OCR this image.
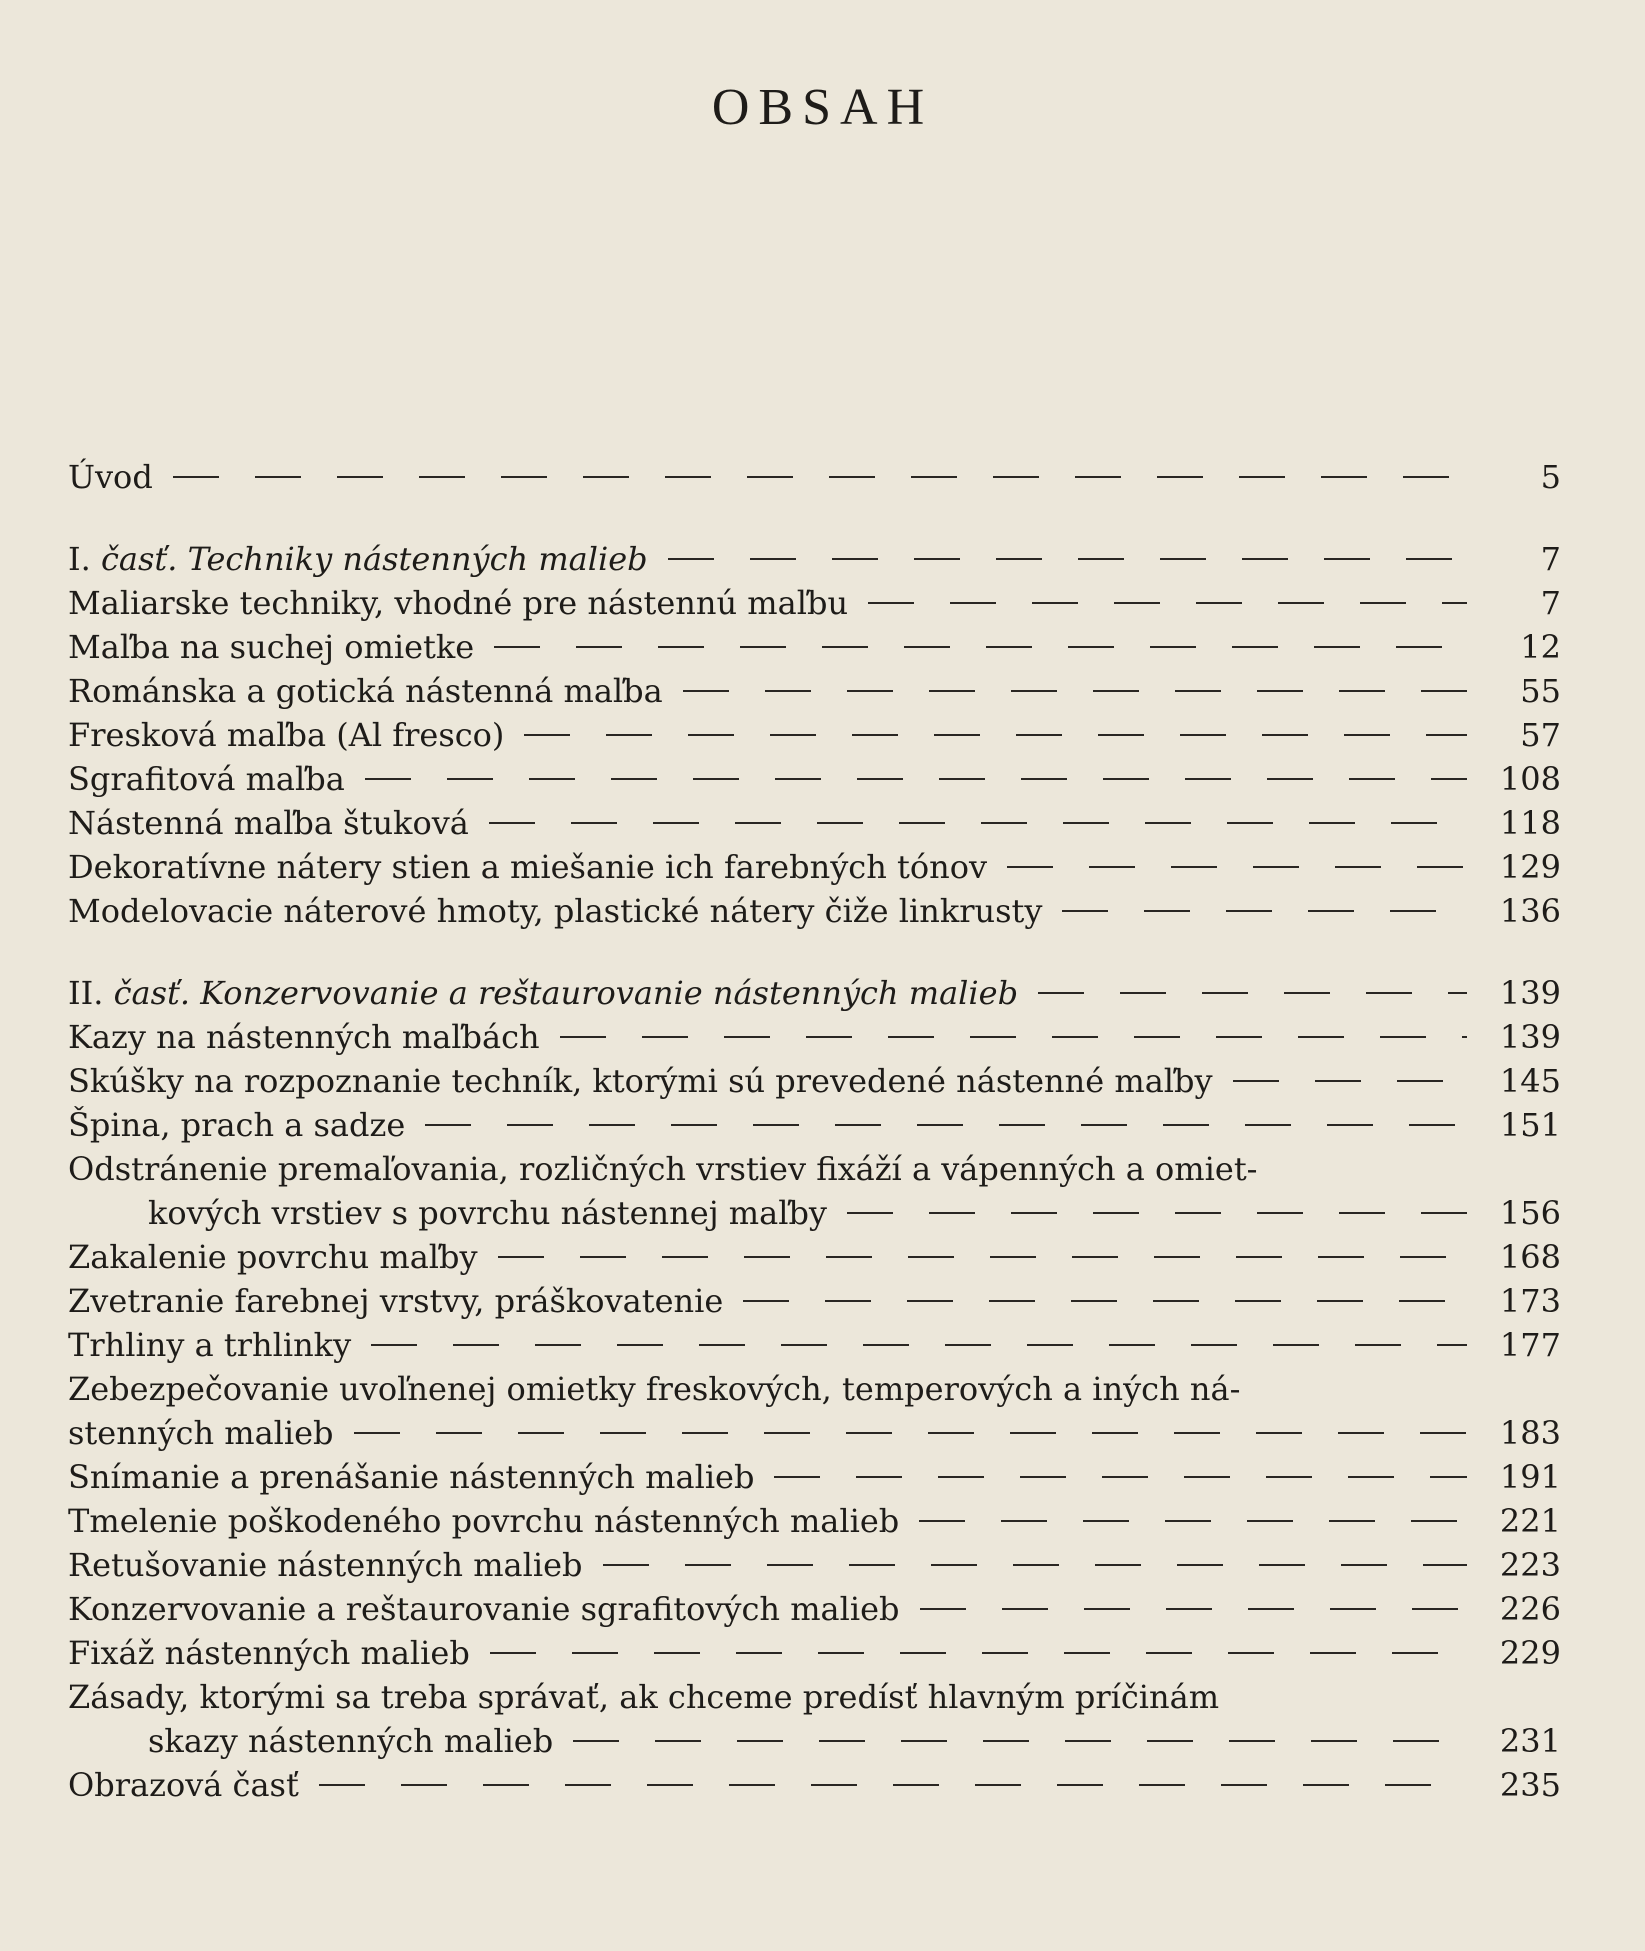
OBSAH
Úvod	5
I. časť. Techniky nástenných malieb	7
Maliarske techniky, vhodné pre nástennú maľbu	7
Maľba na suchej omietke	12
Románska a gotická nástenná maľba	55
Fresková maľba (Al fresco)	57
Sgrafitová maľba	108
Nástenná maľba štuková	118
Dekoratívne nátery stien a miešanie ich farebných tónov	129
Modelovacie náterové hmoty, plastické nátery čiže linkrusty	136
II. časť. Konzervovanie a reštaurovanie nástenných malieb	139
Kazy na nástenných maľbách	139
Skúšky na rozpoznanie techník, ktorými sú prevedené nástenné maľby	145
Špina, prach a sadze	151
Odstránenie premaľovania, rozličných vrstiev fixáží a vápenných a omiet-
kových vrstiev s povrchu nástennej maľby	156
Zakalenie povrchu maľby	168
Zvetranie farebnej vrstvy, práškovatenie	173
Trhliny a trhlinky	177
Zebezpečovanie uvoľnenej omietky freskových, temperových a iných ná-
stenných malieb	183
Snímanie a prenášanie nástenných malieb	191
Tmelenie poškodeného povrchu nástenných malieb	221
Retušovanie nástenných malieb	223
Konzervovanie a reštaurovanie sgrafitových malieb	226
Fixáž nástenných malieb	229
Zásady, ktorými sa treba správať, ak chceme predísť hlavným príčinám
skazy nástenných malieb	231
Obrazová časť	235
